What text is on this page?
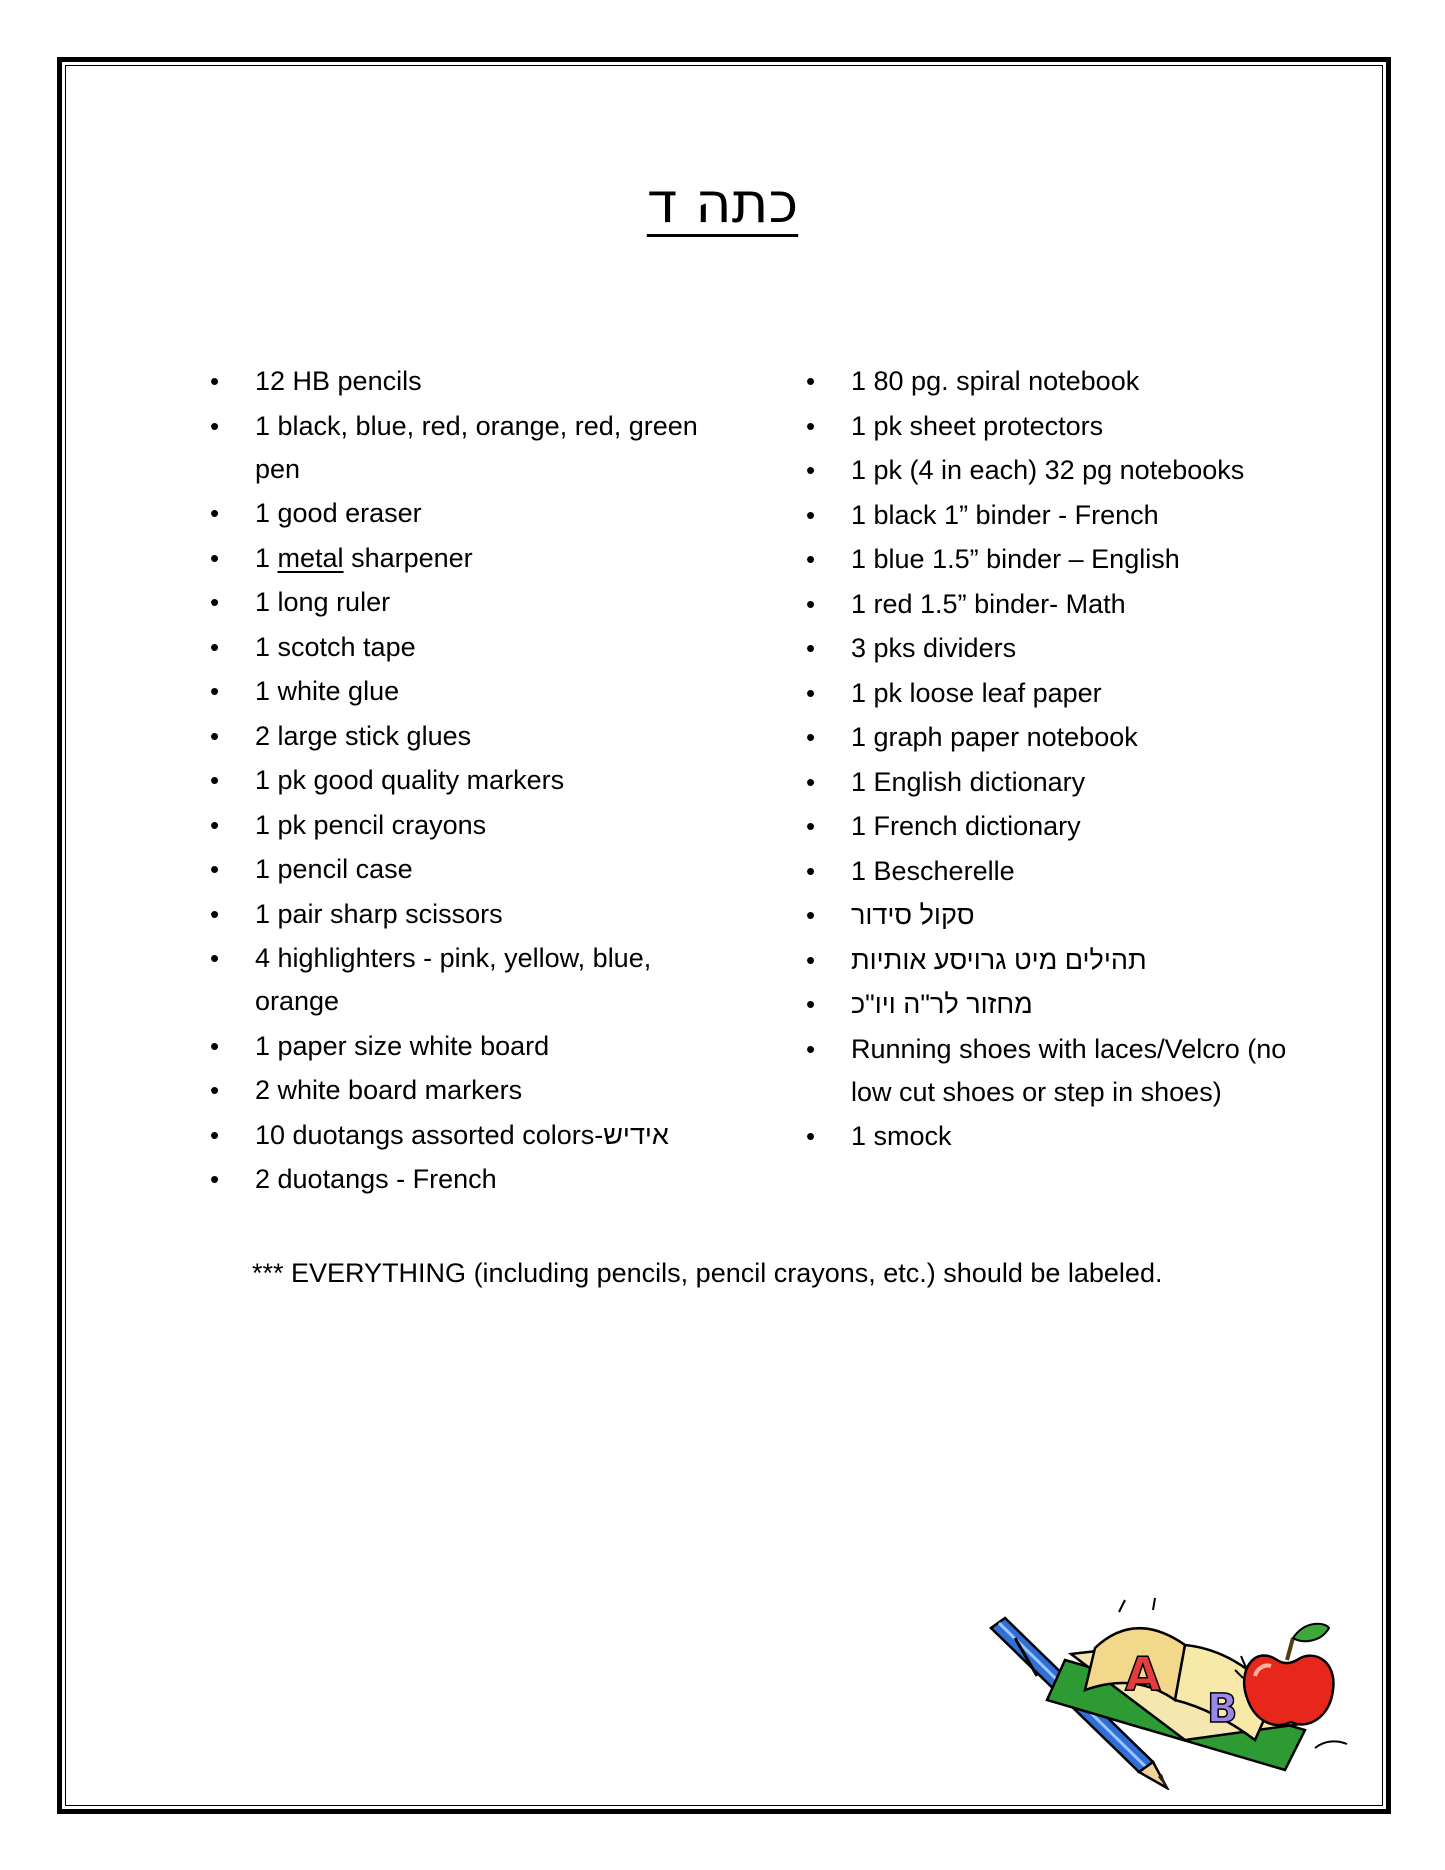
כתה ד
• 12 HB pencils
• 1 black, blue, red, orange, red, green pen
• 1 good eraser
• 1 metal sharpener
• 1 long ruler
• 1 scotch tape
• 1 white glue
• 2 large stick glues
• 1 pk good quality markers
• 1 pk pencil crayons
• 1 pencil case
• 1 pair sharp scissors
• 4 highlighters - pink, yellow, blue, orange
• 1 paper size white board
• 2 white board markers
• 10 duotangs assorted colors-אידיש
• 2 duotangs - French
• 1 80 pg. spiral notebook
• 1 pk sheet protectors
• 1 pk (4 in each) 32 pg notebooks
• 1 black 1” binder - French
• 1 blue 1.5” binder – English
• 1 red 1.5” binder- Math
• 3 pks dividers
• 1 pk loose leaf paper
• 1 graph paper notebook
• 1 English dictionary
• 1 French dictionary
• 1 Bescherelle
• סקול סידור
• תהילים מיט גרויסע אותיות
• מחזור לר"ה ויו"כ
• Running shoes with laces/Velcro (no low cut shoes or step in shoes)
• 1 smock
*** EVERYTHING (including pencils, pencil crayons, etc.) should be labeled.
A
B
